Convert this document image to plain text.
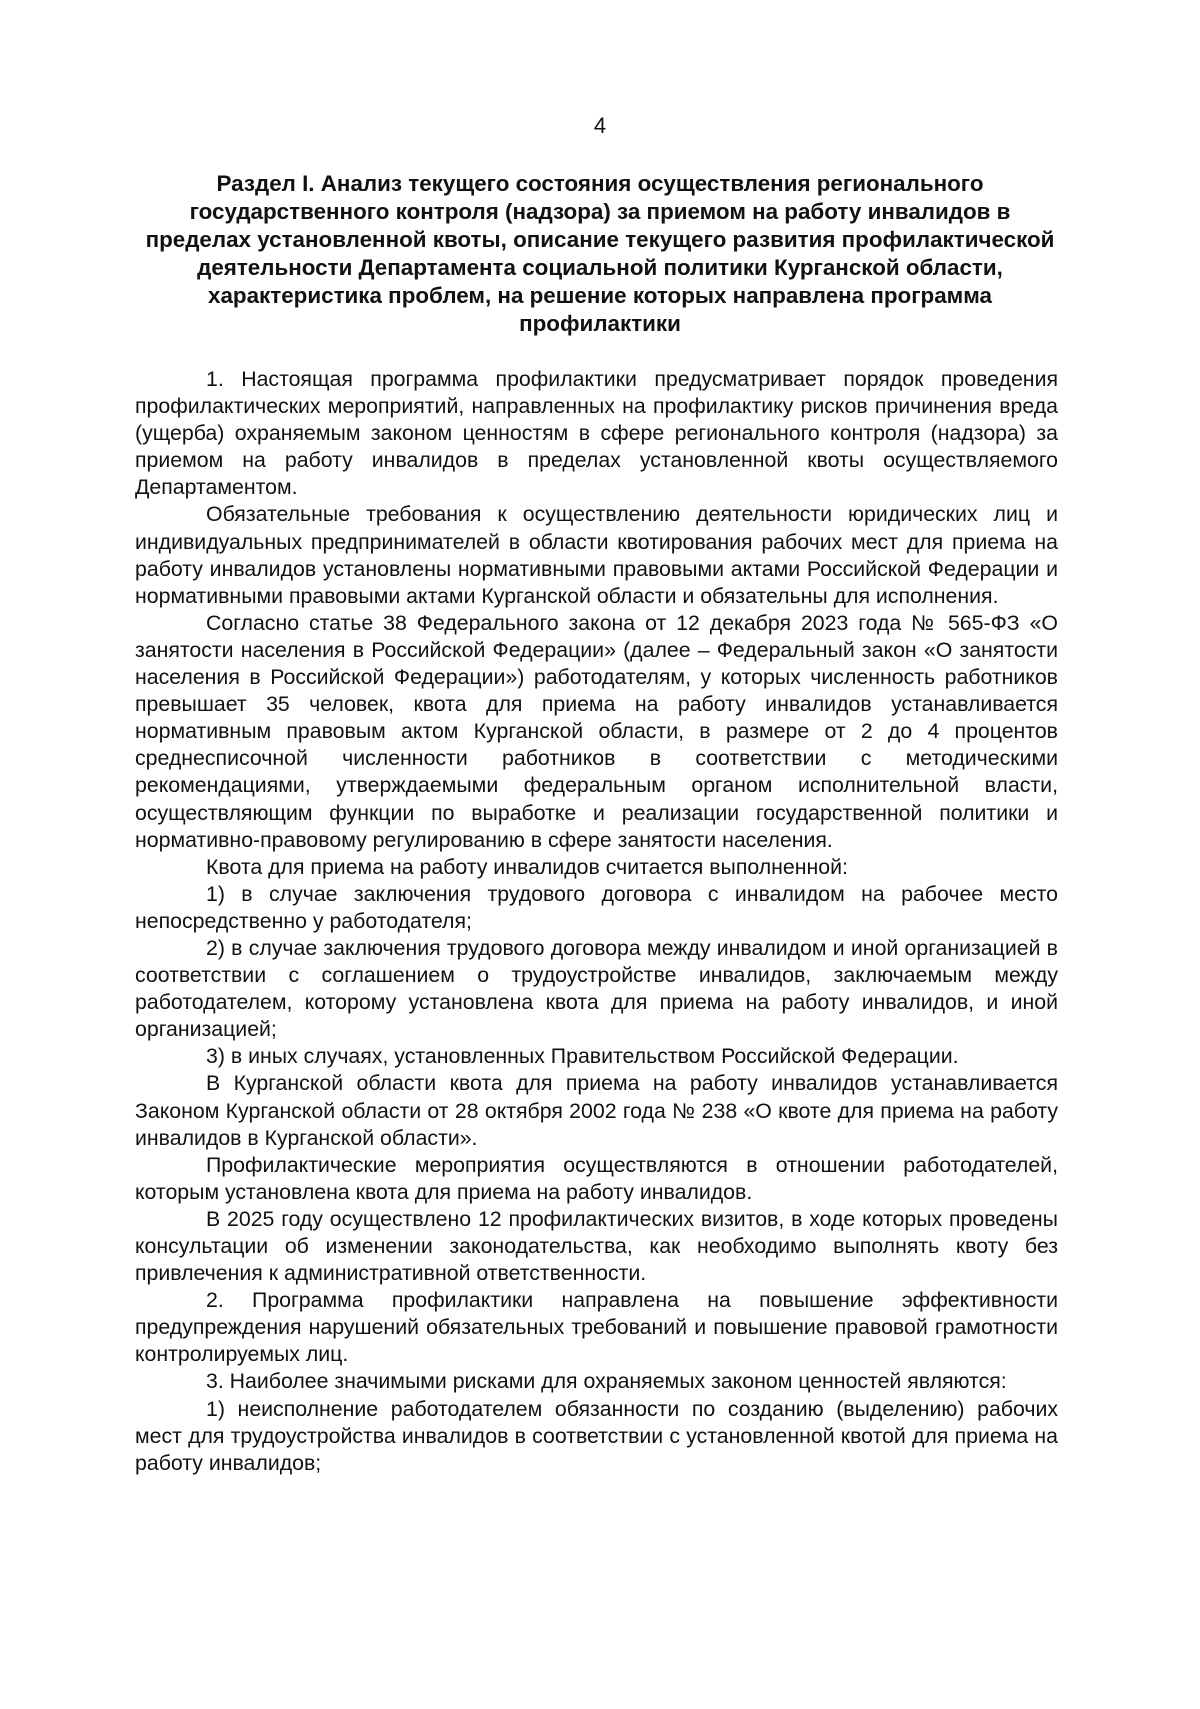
4
Раздел I. Анализ текущего состояния осуществления регионального государственного контроля (надзора) за приемом на работу инвалидов в пределах установленной квоты, описание текущего развития профилактической деятельности Департамента социальной политики Курганской области, характеристика проблем, на решение которых направлена программа профилактики

1. Настоящая программа профилактики предусматривает порядок проведения профилактических мероприятий, направленных на профилактику рисков причинения вреда (ущерба) охраняемым законом ценностям в сфере регионального контроля (надзора) за приемом на работу инвалидов в пределах установленной квоты осуществляемого Департаментом.

Обязательные требования к осуществлению деятельности юридических лиц и индивидуальных предпринимателей в области квотирования рабочих мест для приема на работу инвалидов установлены нормативными правовыми актами Российской Федерации и нормативными правовыми актами Курганской области и обязательны для исполнения.

Согласно статье 38 Федерального закона от 12 декабря 2023 года № 565-ФЗ «О занятости населения в Российской Федерации» (далее – Федеральный закон «О занятости населения в Российской Федерации») работодателям, у которых численность работников превышает 35 человек, квота для приема на работу инвалидов устанавливается нормативным правовым актом Курганской области, в размере от 2 до 4 процентов среднесписочной численности работников в соответствии с методическими рекомендациями, утверждаемыми федеральным органом исполнительной власти, осуществляющим функции по выработке и реализации государственной политики и нормативно-правовому регулированию в сфере занятости населения.

Квота для приема на работу инвалидов считается выполненной:

1) в случае заключения трудового договора с инвалидом на рабочее место непосредственно у работодателя;

2) в случае заключения трудового договора между инвалидом и иной организацией в соответствии с соглашением о трудоустройстве инвалидов, заключаемым между работодателем, которому установлена квота для приема на работу инвалидов, и иной организацией;

3) в иных случаях, установленных Правительством Российской Федерации.

В Курганской области квота для приема на работу инвалидов устанавливается Законом Курганской области от 28 октября 2002 года № 238 «О квоте для приема на работу инвалидов в Курганской области».

Профилактические мероприятия осуществляются в отношении работодателей, которым установлена квота для приема на работу инвалидов.

В 2025 году осуществлено 12 профилактических визитов, в ходе которых проведены консультации об изменении законодательства, как необходимо выполнять квоту без привлечения к административной ответственности.

2. Программа профилактики направлена на повышение эффективности предупреждения нарушений обязательных требований и повышение правовой грамотности контролируемых лиц.

3. Наиболее значимыми рисками для охраняемых законом ценностей являются:

1) неисполнение работодателем обязанности по созданию (выделению) рабочих мест для трудоустройства инвалидов в соответствии с установленной квотой для приема на работу инвалидов;
